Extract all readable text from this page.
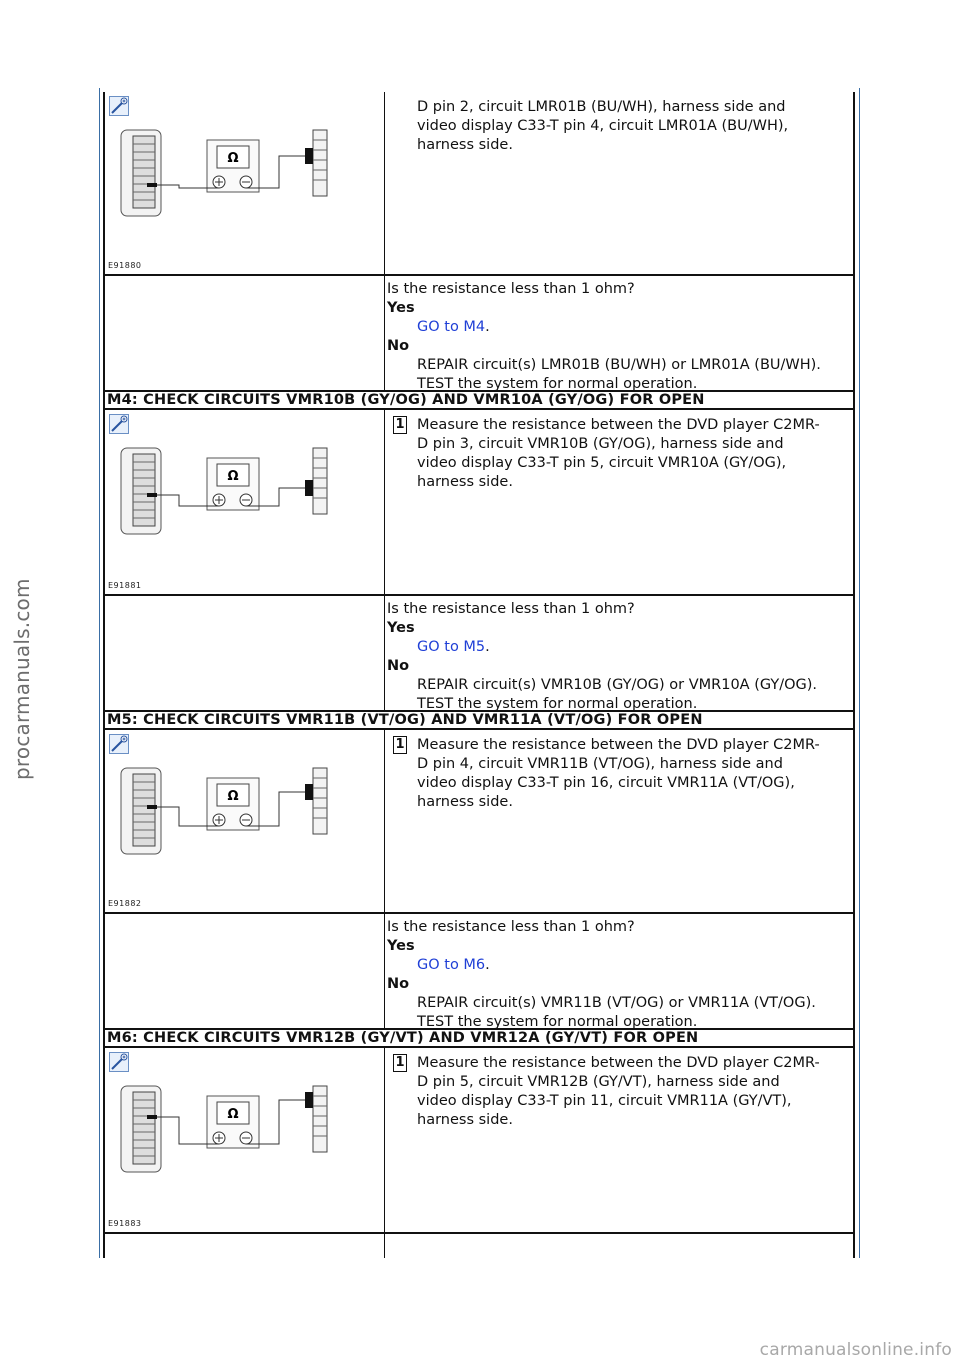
procarmanuals.com
carmanualsonline.info
Ω
E91880
D pin 2, circuit LMR01B (BU/WH), harness side and
video display C33-T pin 4, circuit LMR01A (BU/WH),
harness side.
Is the resistance less than 1 ohm?
Yes
GO to M4.
No
REPAIR circuit(s) LMR01B (BU/WH) or LMR01A (BU/WH). TEST the system for normal operation.
M4: CHECK CIRCUITS VMR10B (GY/OG) AND VMR10A (GY/OG) FOR OPEN
Ω
E91881
1 Measure the resistance between the DVD player C2MR-
D pin 3, circuit VMR10B (GY/OG), harness side and
video display C33-T pin 5, circuit VMR10A (GY/OG),
harness side.
Is the resistance less than 1 ohm?
Yes
GO to M5.
No
REPAIR circuit(s) VMR10B (GY/OG) or VMR10A (GY/OG). TEST the system for normal operation.
M5: CHECK CIRCUITS VMR11B (VT/OG) AND VMR11A (VT/OG) FOR OPEN
Ω
E91882
1 Measure the resistance between the DVD player C2MR-
D pin 4, circuit VMR11B (VT/OG), harness side and
video display C33-T pin 16, circuit VMR11A (VT/OG),
harness side.
Is the resistance less than 1 ohm?
Yes
GO to M6.
No
REPAIR circuit(s) VMR11B (VT/OG) or VMR11A (VT/OG). TEST the system for normal operation.
M6: CHECK CIRCUITS VMR12B (GY/VT) AND VMR12A (GY/VT) FOR OPEN
Ω
E91883
1 Measure the resistance between the DVD player C2MR-
D pin 5, circuit VMR12B (GY/VT), harness side and
video display C33-T pin 11, circuit VMR11A (GY/VT),
harness side.
